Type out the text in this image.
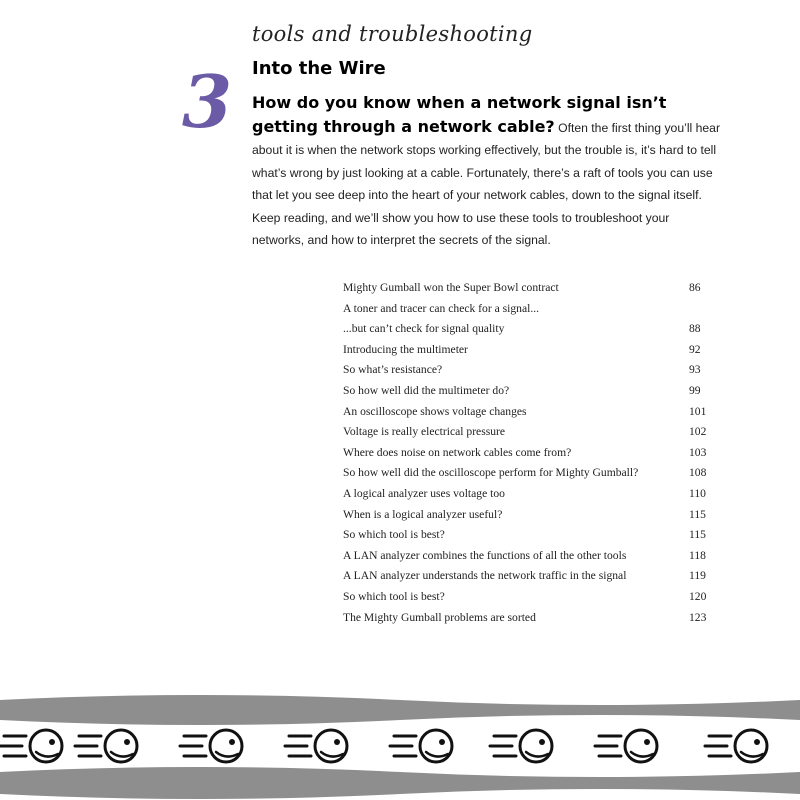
tools and troubleshooting
3 Into the Wire
How do you know when a network signal isn’t getting through a network cable? Often the first thing you’ll hear about it is when the network stops working effectively, but the trouble is, it’s hard to tell what’s wrong by just looking at a cable. Fortunately, there’s a raft of tools you can use that let you see deep into the heart of your network cables, down to the signal itself. Keep reading, and we’ll show you how to use these tools to troubleshoot your networks, and how to interpret the secrets of the signal.
Mighty Gumball won the Super Bowl contract	86
A toner and tracer can check for a signal...
...but can’t check for signal quality	88
Introducing the multimeter	92
So what’s resistance?	93
So how well did the multimeter do?	99
An oscilloscope shows voltage changes	101
Voltage is really electrical pressure	102
Where does noise on network cables come from?	103
So how well did the oscilloscope perform for Mighty Gumball?	108
A logical analyzer uses voltage too	110
When is a logical analyzer useful?	115
So which tool is best?	115
A LAN analyzer combines the functions of all the other tools	118
A LAN analyzer understands the network traffic in the signal	119
So which tool is best?	120
The Mighty Gumball problems are sorted	123
